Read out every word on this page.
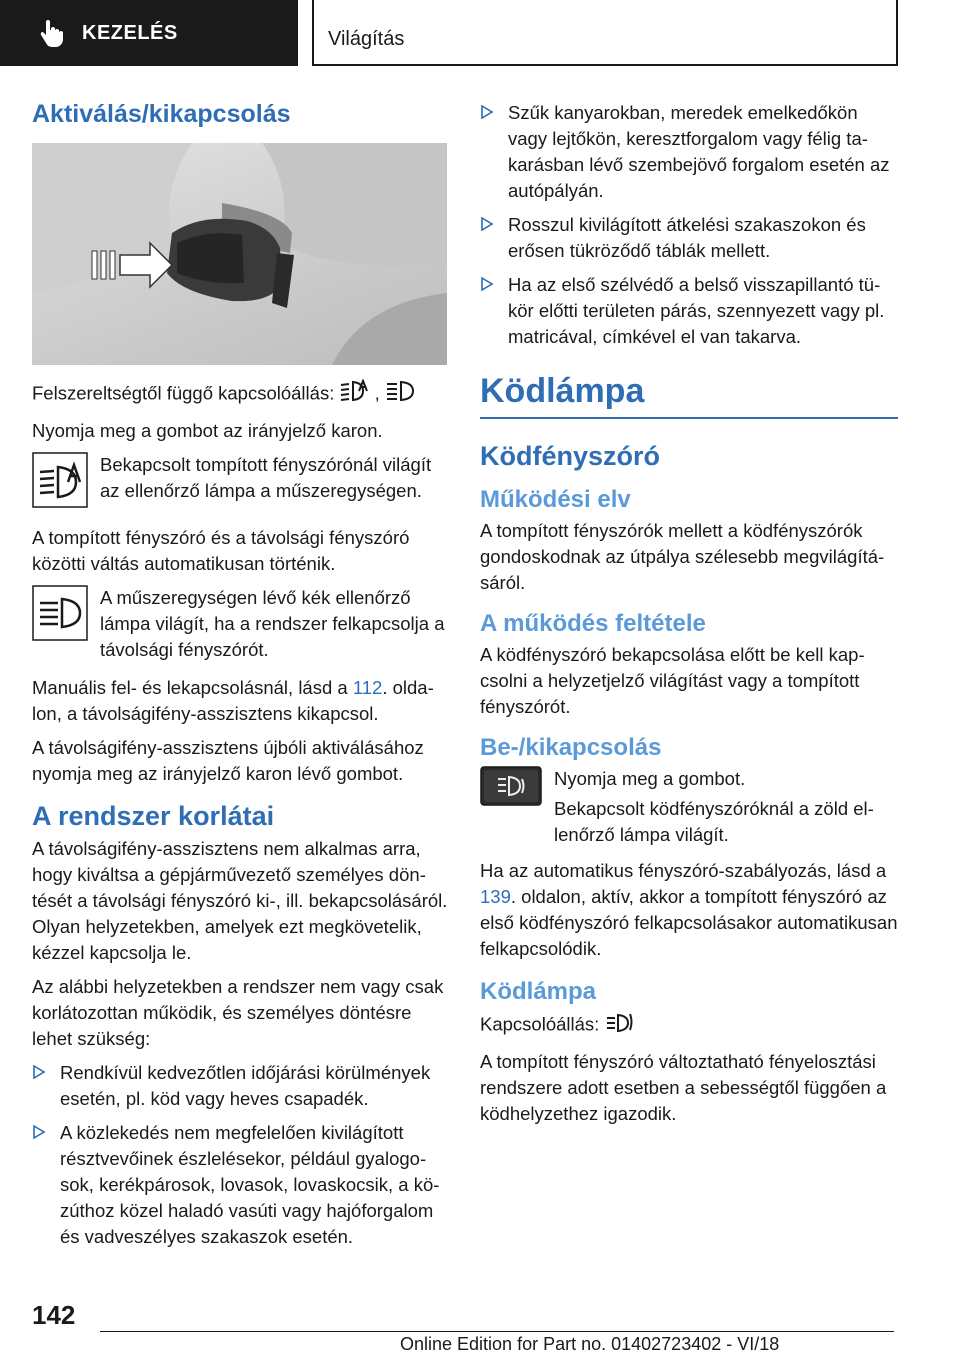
KEZELÉS	Világítás
Aktiválás/kikapcsolás

Felszereltségtől függő kapcsolóállás: ,

Nyomja meg a gombot az irányjelző karon.

Bekapcsolt tompított fényszórónál világít az ellenőrző lámpa a műszeregységen.

A tompított fényszóró és a távolsági fényszóró közötti váltás automatikusan történik.

A műszeregységen lévő kék ellenőrző lámpa világít, ha a rendszer felkapcsolja a távolsági fényszórót.

Manuális fel- és lekapcsolásnál, lásd a 112. oldalon, a távolságifény-asszisztens kikapcsol.

A távolságifény-asszisztens újbóli aktiválásához nyomja meg az irányjelző karon lévő gombot.

A rendszer korlátai

A távolságifény-asszisztens nem alkalmas arra, hogy kiváltsa a gépjárművezető személyes döntését a távolsági fényszóró ki-, ill. bekapcsolásáról. Olyan helyzetekben, amelyek ezt megkövetelik, kézzel kapcsolja le.

Az alábbi helyzetekben a rendszer nem vagy csak korlátozottan működik, és személyes döntésre lehet szükség:

Rendkívül kedvezőtlen időjárási körülmények esetén, pl. köd vagy heves csapadék.
A közlekedés nem megfelelően kivilágított résztvevőinek észlelésekor, például gyalogosok, kerékpárosok, lovasok, lovaskocsik, a közúthoz közel haladó vasúti vagy hajóforgalom és vadveszélyes szakaszok esetén.
Szűk kanyarokban, meredek emelkedőkön vagy lejtőkön, keresztforgalom vagy félig takarásban lévő szembejövő forgalom esetén az autópályán.
Rosszul kivilágított átkelési szakaszokon és erősen tükröződő táblák mellett.
Ha az első szélvédő a belső visszapillantó tükör előtti területen párás, szennyezett vagy pl. matricával, címkével el van takarva.
Ködlámpa
Ködfényszóró
Működési elv

A tompított fényszórók mellett a ködfényszórók gondoskodnak az útpálya szélesebb megvilágításáról.

A működés feltétele

A ködfényszóró bekapcsolása előtt be kell kapcsolni a helyzetjelző világítást vagy a tompított fényszórót.

Be-/kikapcsolás
Nyomja meg a gombot.
Bekapcsolt ködfényszóróknál a zöld ellenőrző lámpa világít.

Ha az automatikus fényszóró-szabályozás, lásd a 139. oldalon, aktív, akkor a tompított fényszóró az első ködfényszóró felkapcsolásakor automatikusan felkapcsolódik.

Ködlámpa

Kapcsolóállás:

A tompított fényszóró változtatható fényelosztási rendszere adott esetben a sebességtől függően a ködhelyzethez igazodik.

142
Online Edition for Part no. 01402723402 - VI/18
